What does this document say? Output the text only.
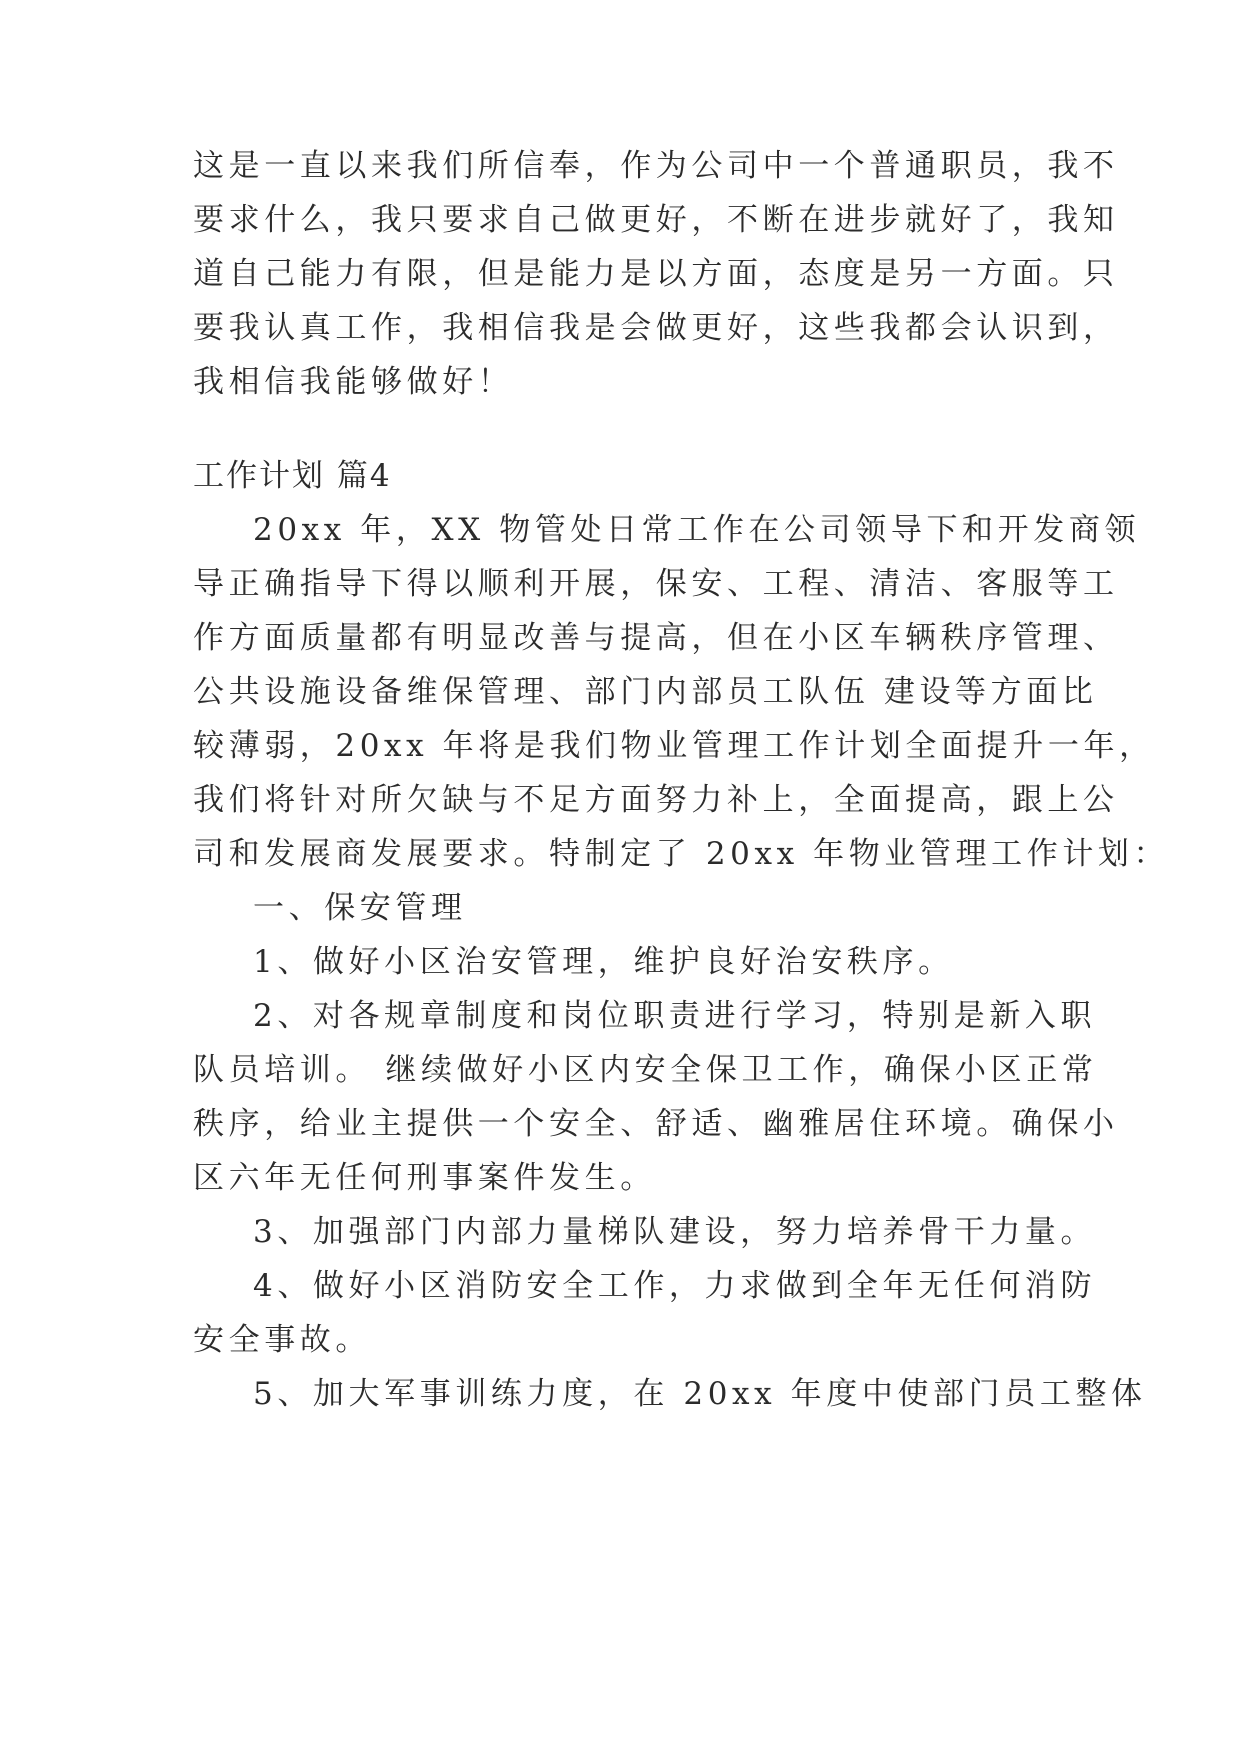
这是一直以来我们所信奉，作为公司中一个普通职员，我不

要求什么，我只要求自己做更好，不断在进步就好了，我知

道自己能力有限，但是能力是以方面，态度是另一方面。只

要我认真工作，我相信我是会做更好，这些我都会认识到，

我相信我能够做好！

工作计划 篇4

20xx 年，XX 物管处日常工作在公司领导下和开发商领

导正确指导下得以顺利开展，保安、工程、清洁、客服等工

作方面质量都有明显改善与提高，但在小区车辆秩序管理、

公共设施设备维保管理、部门内部员工队伍 建设等方面比

较薄弱，20xx 年将是我们物业管理工作计划全面提升一年，

我们将针对所欠缺与不足方面努力补上，全面提高，跟上公

司和发展商发展要求。特制定了 20xx 年物业管理工作计划：

一、保安管理

1、做好小区治安管理，维护良好治安秩序。

2、对各规章制度和岗位职责进行学习，特别是新入职

队员培训。 继续做好小区内安全保卫工作，确保小区正常

秩序，给业主提供一个安全、舒适、幽雅居住环境。确保小

区六年无任何刑事案件发生。

3、加强部门内部力量梯队建设，努力培养骨干力量。

4、做好小区消防安全工作，力求做到全年无任何消防

安全事故。

5、加大军事训练力度，在 20xx 年度中使部门员工整体
